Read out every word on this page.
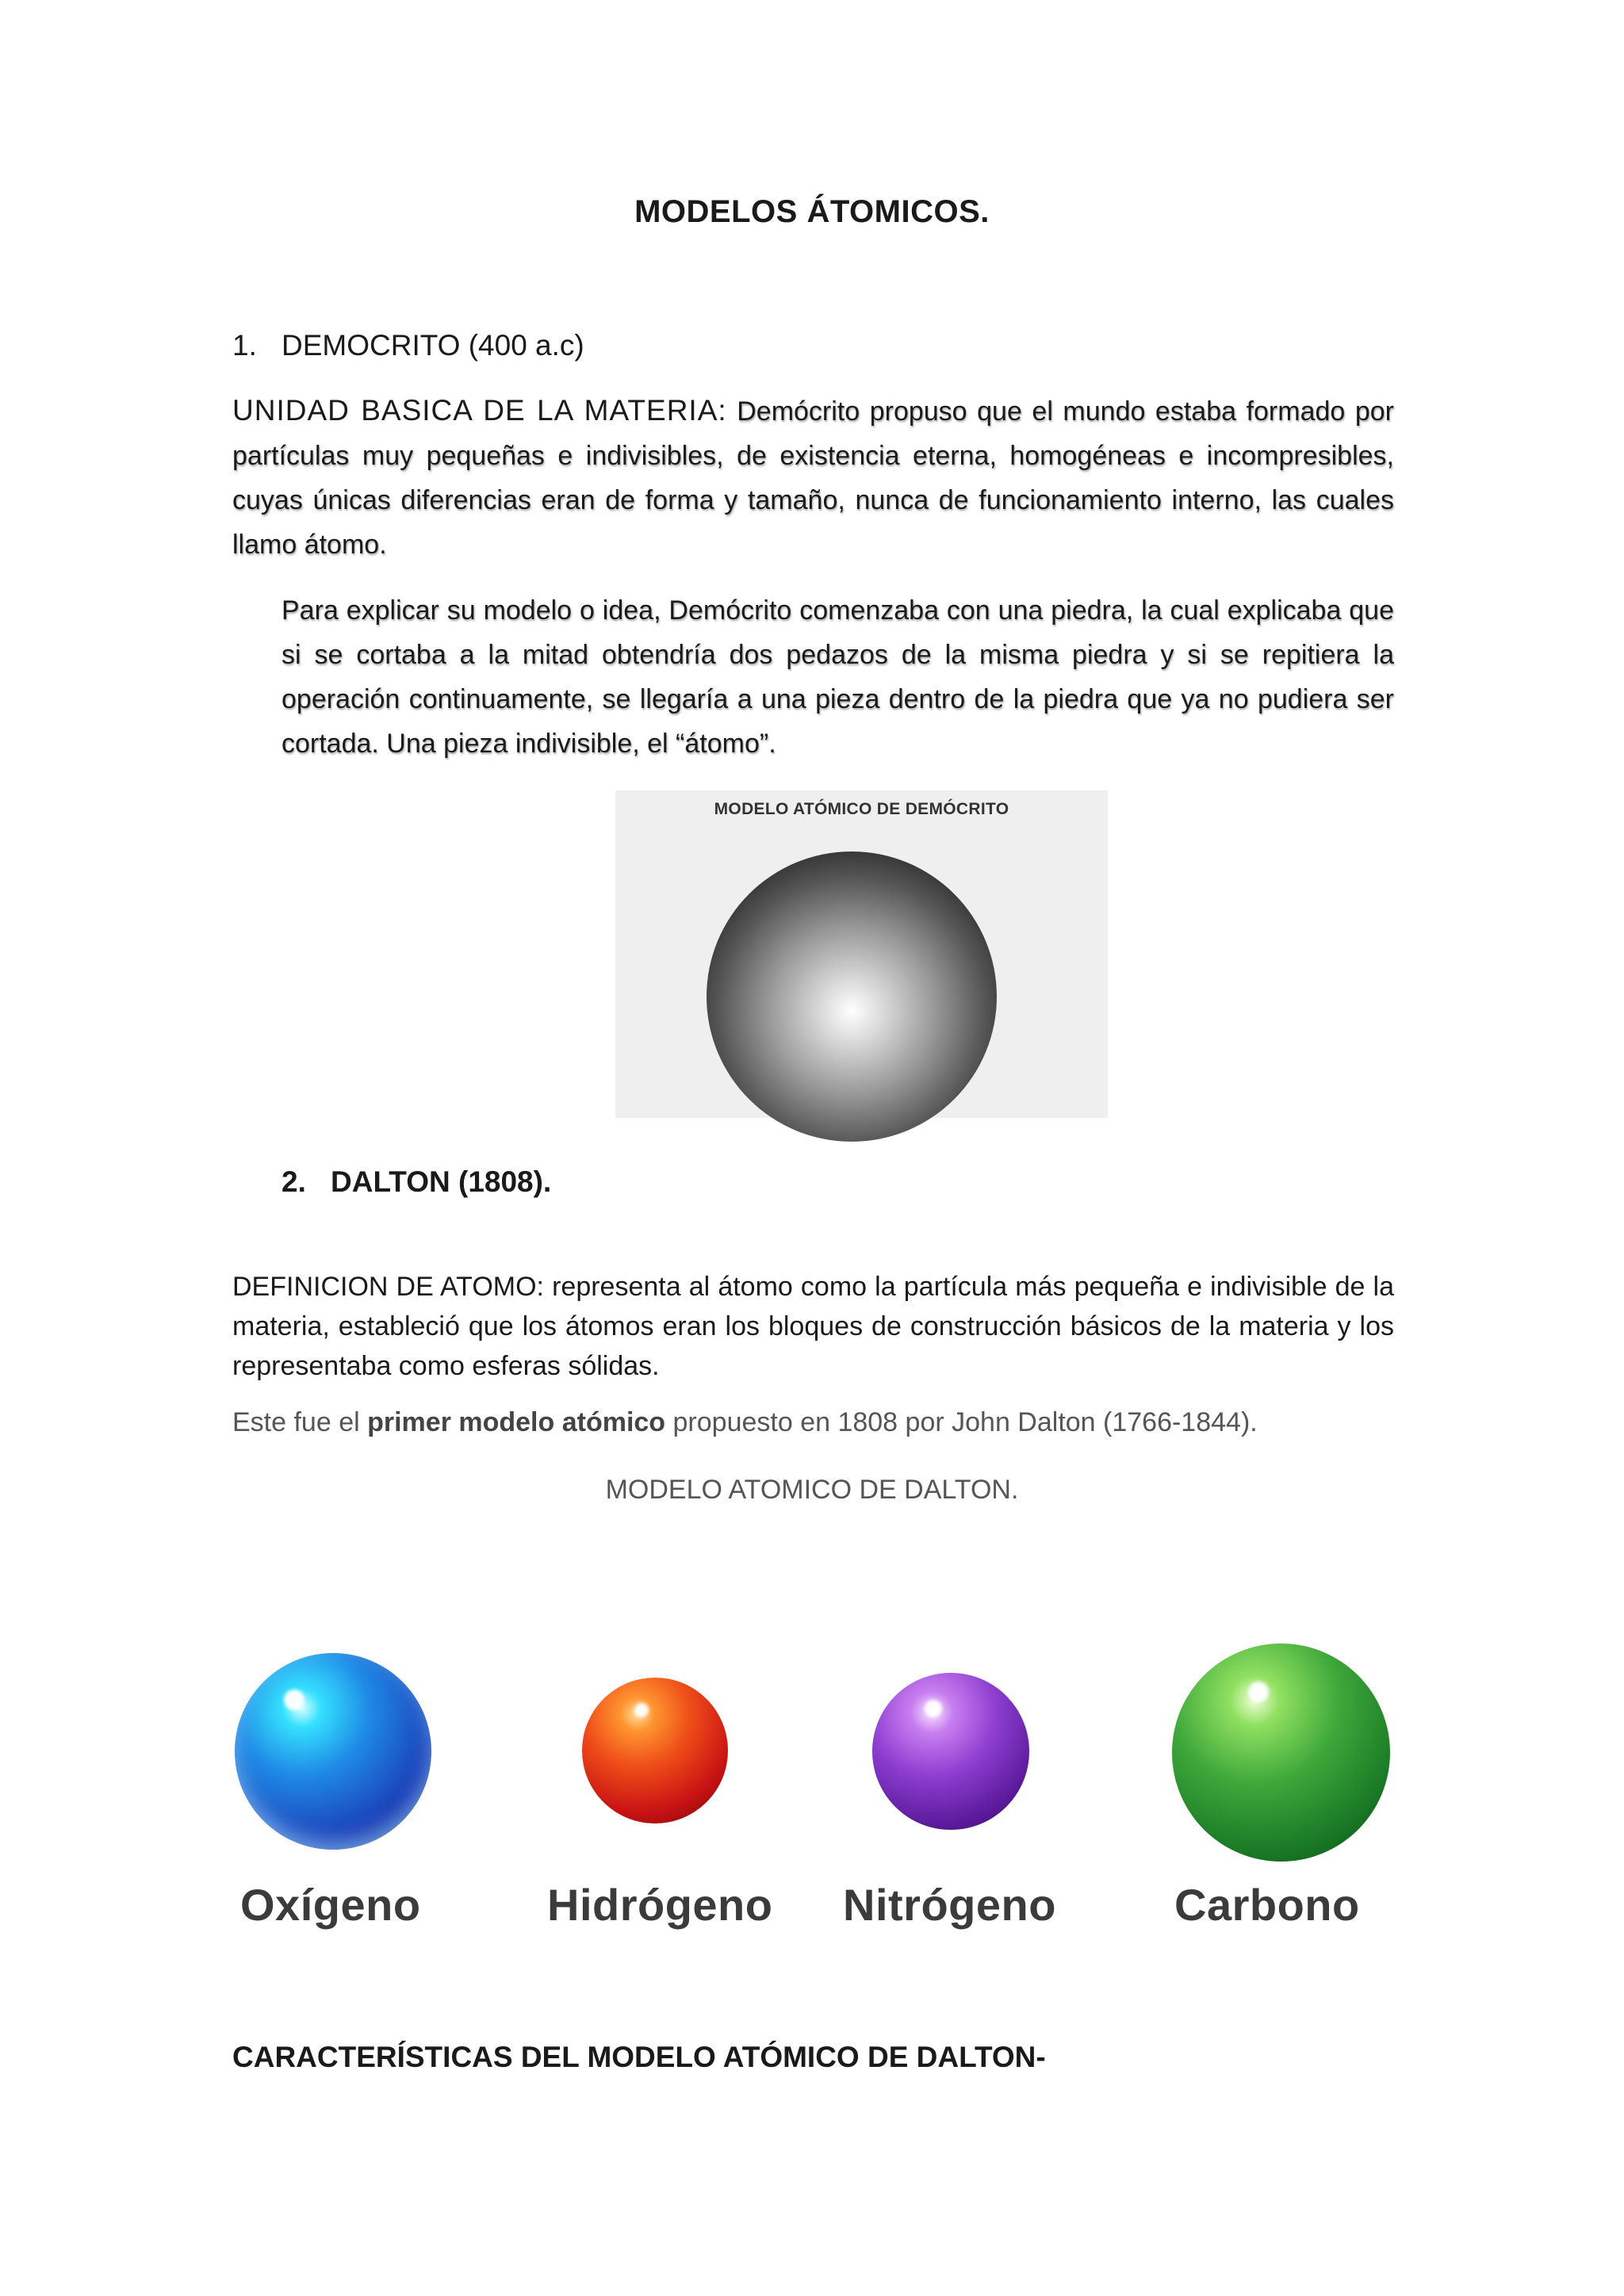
MODELOS ÁTOMICOS.
1. DEMOCRITO (400 a.c)
UNIDAD BASICA DE LA MATERIA: Demócrito propuso que el mundo estaba formado por partículas muy pequeñas e indivisibles, de existencia eterna, homogéneas e incompresibles, cuyas únicas diferencias eran de forma y tamaño, nunca de funcionamiento interno, las cuales llamo átomo.
Para explicar su modelo o idea, Demócrito comenzaba con una piedra, la cual explicaba que si se cortaba a la mitad obtendría dos pedazos de la misma piedra y si se repitiera la operación continuamente, se llegaría a una pieza dentro de la piedra que ya no pudiera ser cortada. Una pieza indivisible, el “átomo”.
MODELO ATÓMICO DE DEMÓCRITO
2. DALTON (1808).
DEFINICION DE ATOMO: representa al átomo como la partícula más pequeña e indivisible de la materia, estableció que los átomos eran los bloques de construcción básicos de la materia y los representaba como esferas sólidas.
Este fue el primer modelo atómico propuesto en 1808 por John Dalton (1766-1844).
MODELO ATOMICO DE DALTON.
Oxígeno	Hidrógeno Nitrógeno	Carbono
CARACTERÍSTICAS DEL MODELO ATÓMICO DE DALTON-
